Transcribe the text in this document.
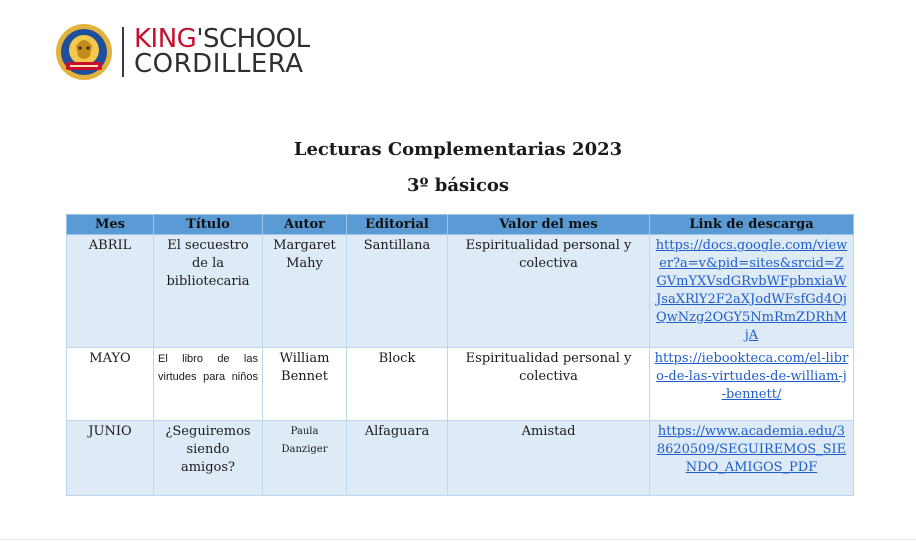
KING'SCHOOL
CORDILLERA
Lecturas Complementarias 2023
3º básicos
Mes	Título	Autor	Editorial	Valor del mes	Link de descarga
ABRIL	El secuestro de la bibliotecaria	Margaret Mahy	Santillana	Espiritualidad personal y colectiva	https://docs.google.com/viewer?a=v&pid=sites&srcid=ZGVmYXVsdGRvbWFpbnxiaWJsaXRlY2F2aXJodWFsfGd4OjQwNzg2OGY5NmRmZDRhMjA
MAYO	El libro de las virtudes para niños	William Bennet	Block	Espiritualidad personal y colectiva	https://iebookteca.com/el-libro-de-las-virtudes-de-william-j-bennett/
JUNIO	¿Seguiremos siendo amigos?	Paula Danziger	Alfaguara	Amistad	https://www.academia.edu/38620509/SEGUIREMOS_SIENDO_AMIGOS_PDF
